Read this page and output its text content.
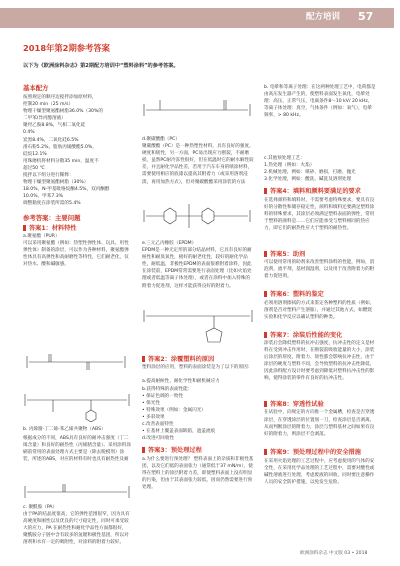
配方培训 57
2018年第2期参考答案
以下为《欧洲涂料杂志》第2期配方培训中“塑料涂料”的参考答案。

基本配方

按照规定的顺序边搅拌添加原材料，

控制20 min（25 m/s）

物理干燥型聚氨酯树脂36.0%（30%的

二甲苯/异丙醇溶液）

聚羟乙胺8.8%，气相二氧化硅

0.4%

炭黑8.4%，二氧化硅6.5%

滑石粉5.2%，脂肪丙烯酸酯5.0%，

硅烷12.1%

用珠磨机将材料分散35 min，温度不

超过50 ℃

搅拌以下组分进行稀释：

物理干燥型聚氨酯树脂（30%）

18.0%，N-甲基吡咯烷酮4.5%，双丙酮醇

10.0%，甲苯7.3%

调整黏度在涂装所需的5.4%

参考答案：主要问题

答案1：材料特性

a.聚氨酯（PUR）

可以采用聚氨酯（例如：热塑性弹性体、玩具、用性弹性体）制备的涂层，可以作为各种材料，聚氨酯弹性体具有高弹性和高耐磨性等特性，它们耐老化，仅对热水、酸和碱敏感。

b. 丙烯腈-丁二烯-苯乙烯共聚物（ABS）

根据成分的不同，ABS具有良好的耐冲击强度（丁二烯含量）和良好的耐热性（丙烯腈含量）。采用涂料涂刷前常用的表面处理方式主要是（除去脱模剂）涂装，所述的ABS，对应的材料有时也具有耐热性及耐

c. 聚酰胺（PA）

由于PA的结晶度很高，它的弹性范围很窄，因为具有高硬度和刚性以及优良的尺寸稳定性，同时可承受较大的应力，PA 在耐热性和耐化学品性方面都很好，聚酰胺分子链中含有较多的氢键和极性基团，所以对溶剂和水有一定的吸附性，对涂料的附着力较好。

d.聚碳酸酯（PC）

聚碳酸酯（PC）是一种热塑性材料，具有良好的强度、硬度和韧性，另一方面，PC易出现应力断裂，不耐磨损，虽然PC耐冷冻性很好，但在低温时它的耐水解性较差，并且耐化学品性差，若用于汽车车身的喷涂材料，需要使用相应的底漆以提高其附着力（或采用溶剂浸渍，再用加热方式），但对聚碳酸酯采用涂装的方法

e.三元乙丙橡胶（EPDM）

EPDM是一种无定形的部分结晶材料，它具有良好的耐候性和耐臭氧性，极好的耐老化性，较好的耐化学品性，耐低温，非极性EPDM的表面很难附着涂料，因此在涂装前，EPDM常常需要进行表面处理（比如火焰处理或者低温等离子体处理），或者在涂料中加入特殊的附着力促进剂，这样才能获得良好的附着力。

答案2：涂覆塑料的原因

塑料涂层的应用，塑料的表面涂装是为了以下的原因：

a.提高耐候性、耐化学性和耐机械应力

b.获得特殊的表面性能：

• 保证色调的一致性

• 保光性

• 特殊效果（例如：金属闪光）

• 多彩效果

c.改善表面特性

• 在基材上覆盖表面缺陷，遮盖流痕

d.改进可回收性

答案3：预处理过程

a.为什么要进行预处理？ 塑料表面上的杂质和非极性基团，以及它们低的表面张力（通常低于37 mN/m），使得在塑料上的涂层附着力差，即使塑料表面上没有明显的污染，但由于其表面张力较低，因而仍然需要进行预处理。

b. 电晕和等离子处理：在这两种处理工艺中，电荷都是由高压发生器产生的，使塑料表面发生氧化，电晕处理：高压，正常气压，电离条件8～10 kV/ 20 kHz，等离子体处理：真空，气体条件（例如：氧气），电晕频率，> 80 kHz。

c.其他预处理工艺：

1.热处理（例如：火焰）

2.机械处理，例如：喷砂、磨损，打磨、抛光

3.化学处理，例如：酸洗、碱洗及溶剂处理

答案4：填料和颜料要满足的要求

在选择颜料和填料时，不需要考虑特殊要求，要具有良好的分散性和储存稳定性，颜料和填料还要满足塑料涂料的特殊要求，其涂层必须满足塑料表面的弹性，常用于塑料的颜料是……它们应能承受与塑料相同的热应力，即它们的耐热性应大于塑料的耐热性。

答案5：助剂

可以使用常用的助剂来改善塑料涂料的性能，例如，消泡剂，流平剂，基材润湿剂，以及用于改善附着力的附着力促进剂。

答案6：塑料的鉴定

必须用溶剂擦拭的方式来鉴定各种塑料的性质（例如，溶剂是否对塑料产生溶胀），并通过其他方式，如燃烧实验和化学反应以确认塑料的种类。

答案7：涂装后性能的变化

涂装后会降低塑料的抗冲击强度，抗冲击性的定义是材料在受到冲击作用时，在断裂前吸收能量的大小，涂装后涂层的厚度、附着力、韧性都会影响抗冲击性，由于涂层的硬度与塑料不同，会导致塑料的抗冲击性降低，因此涂料配方设计时要考虑到降低对塑料抗冲击性的影响，使得涂装的零件有良好的抗冲击性。

答案8：穿透性试验

在试验中，向规定的方向推一个金属槽，检查是否穿透涂层，在穿透涂层的位置划一刀，检查涂层是否剥离，从而判断涂层的附着力，涂层与塑料基材之间如果有良好的附着力，则涂层不会剥落。

答案9：预处理过程中的安全措施

在采用火焰处理的工艺过程中，应考虑使用的气体的安全性，在采用化学品处理的工艺过程中，需要对酸性或碱性溶液进行处理，考虑废液的回收，同时要注意操作人员的安全防护措施，以免发生危险。

欧洲涂料杂志 中文版 03 • 2018
